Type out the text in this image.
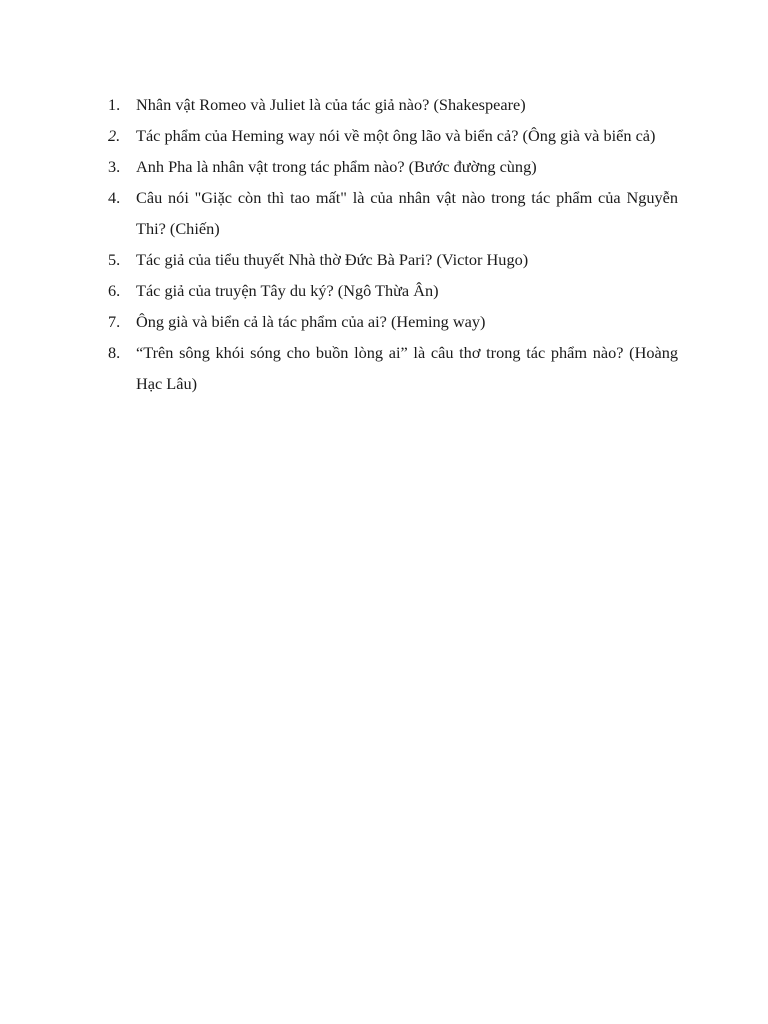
1. Nhân vật Romeo và Juliet là của tác giả nào? (Shakespeare)
2. Tác phẩm của Heming way nói về một ông lão và biển cả? (Ông già và biển cả)
3. Anh Pha là nhân vật trong tác phẩm nào? (Bước đường cùng)
4. Câu nói "Giặc còn thì tao mất" là của nhân vật nào trong tác phẩm của Nguyễn Thi? (Chiến)
5. Tác giả của tiểu thuyết Nhà thờ Đức Bà Pari? (Victor Hugo)
6. Tác giả của truyện Tây du ký? (Ngô Thừa Ân)
7. Ông già và biển cả là tác phẩm của ai? (Heming way)
8. “Trên sông khói sóng cho buồn lòng ai” là câu thơ trong tác phẩm nào? (Hoàng Hạc Lâu)
